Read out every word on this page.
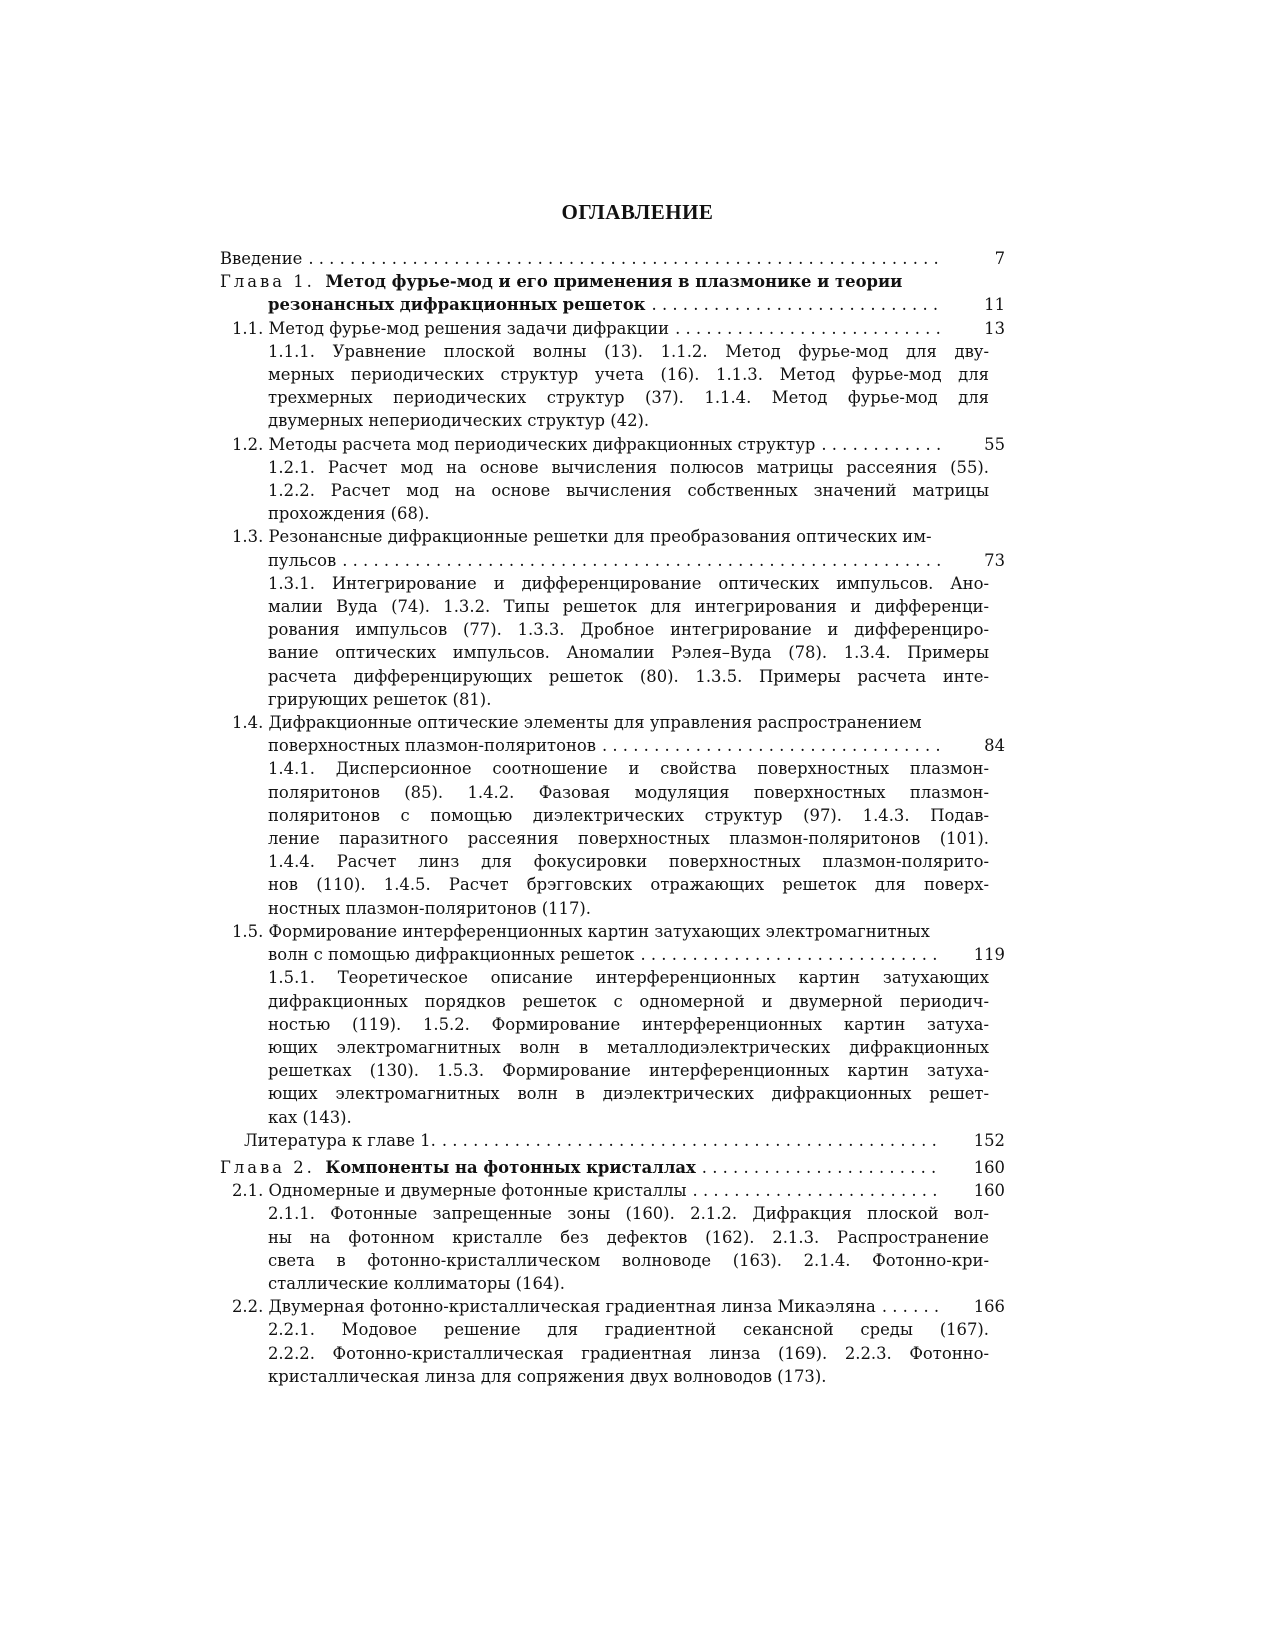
ОГЛАВЛЕНИЕ
Введение . . .	7
Глава 1. Метод фурье-мод и его применения в плазмонике и теории
резонансных дифракционных решеток . . .	11
1.1. Метод фурье-мод решения задачи дифракции . . .	13
1.1.1. Уравнение плоской волны (13). 1.1.2. Метод фурье-мод для дву-
мерных периодических структур учета (16). 1.1.3. Метод фурье-мод для
трехмерных периодических структур (37). 1.1.4. Метод фурье-мод для
двумерных непериодических структур (42).
1.2. Методы расчета мод периодических дифракционных структур . . .	55
1.2.1. Расчет мод на основе вычисления полюсов матрицы рассеяния (55).
1.2.2. Расчет мод на основе вычисления собственных значений матрицы
прохождения (68).
1.3. Резонансные дифракционные решетки для преобразования оптических им-
пульсов . . .	73
1.3.1. Интегрирование и дифференцирование оптических импульсов. Ано-
малии Вуда (74). 1.3.2. Типы решеток для интегрирования и дифференци-
рования импульсов (77). 1.3.3. Дробное интегрирование и дифференциро-
вание оптических импульсов. Аномалии Рэлея–Вуда (78). 1.3.4. Примеры
расчета дифференцирующих решеток (80). 1.3.5. Примеры расчета инте-
грирующих решеток (81).
1.4. Дифракционные оптические элементы для управления распространением
поверхностных плазмон-поляритонов . . .	84
1.4.1. Дисперсионное соотношение и свойства поверхностных плазмон-
поляритонов (85). 1.4.2. Фазовая модуляция поверхностных плазмон-
поляритонов с помощью диэлектрических структур (97). 1.4.3. Подав-
ление паразитного рассеяния поверхностных плазмон-поляритонов (101).
1.4.4. Расчет линз для фокусировки поверхностных плазмон-полярито-
нов (110). 1.4.5. Расчет брэгговских отражающих решеток для поверх-
ностных плазмон-поляритонов (117).
1.5. Формирование интерференционных картин затухающих электромагнитных
волн с помощью дифракционных решеток . . .	119
1.5.1. Теоретическое описание интерференционных картин затухающих
дифракционных порядков решеток с одномерной и двумерной периодич-
ностью (119). 1.5.2. Формирование интерференционных картин затуха-
ющих электромагнитных волн в металлодиэлектрических дифракционных
решетках (130). 1.5.3. Формирование интерференционных картин затуха-
ющих электромагнитных волн в диэлектрических дифракционных решет-
ках (143).
Литература к главе 1. . . .	152
Глава 2. Компоненты на фотонных кристаллах . . .	160
2.1. Одномерные и двумерные фотонные кристаллы . . .	160
2.1.1. Фотонные запрещенные зоны (160). 2.1.2. Дифракция плоской вол-
ны на фотонном кристалле без дефектов (162). 2.1.3. Распространение
света в фотонно-кристаллическом волноводе (163). 2.1.4. Фотонно-кри-
сталлические коллиматоры (164).
2.2. Двумерная фотонно-кристаллическая градиентная линза Микаэляна . . .	166
2.2.1. Модовое решение для градиентной секансной среды (167).
2.2.2. Фотонно-кристаллическая градиентная линза (169). 2.2.3. Фотонно-
кристаллическая линза для сопряжения двух волноводов (173).
